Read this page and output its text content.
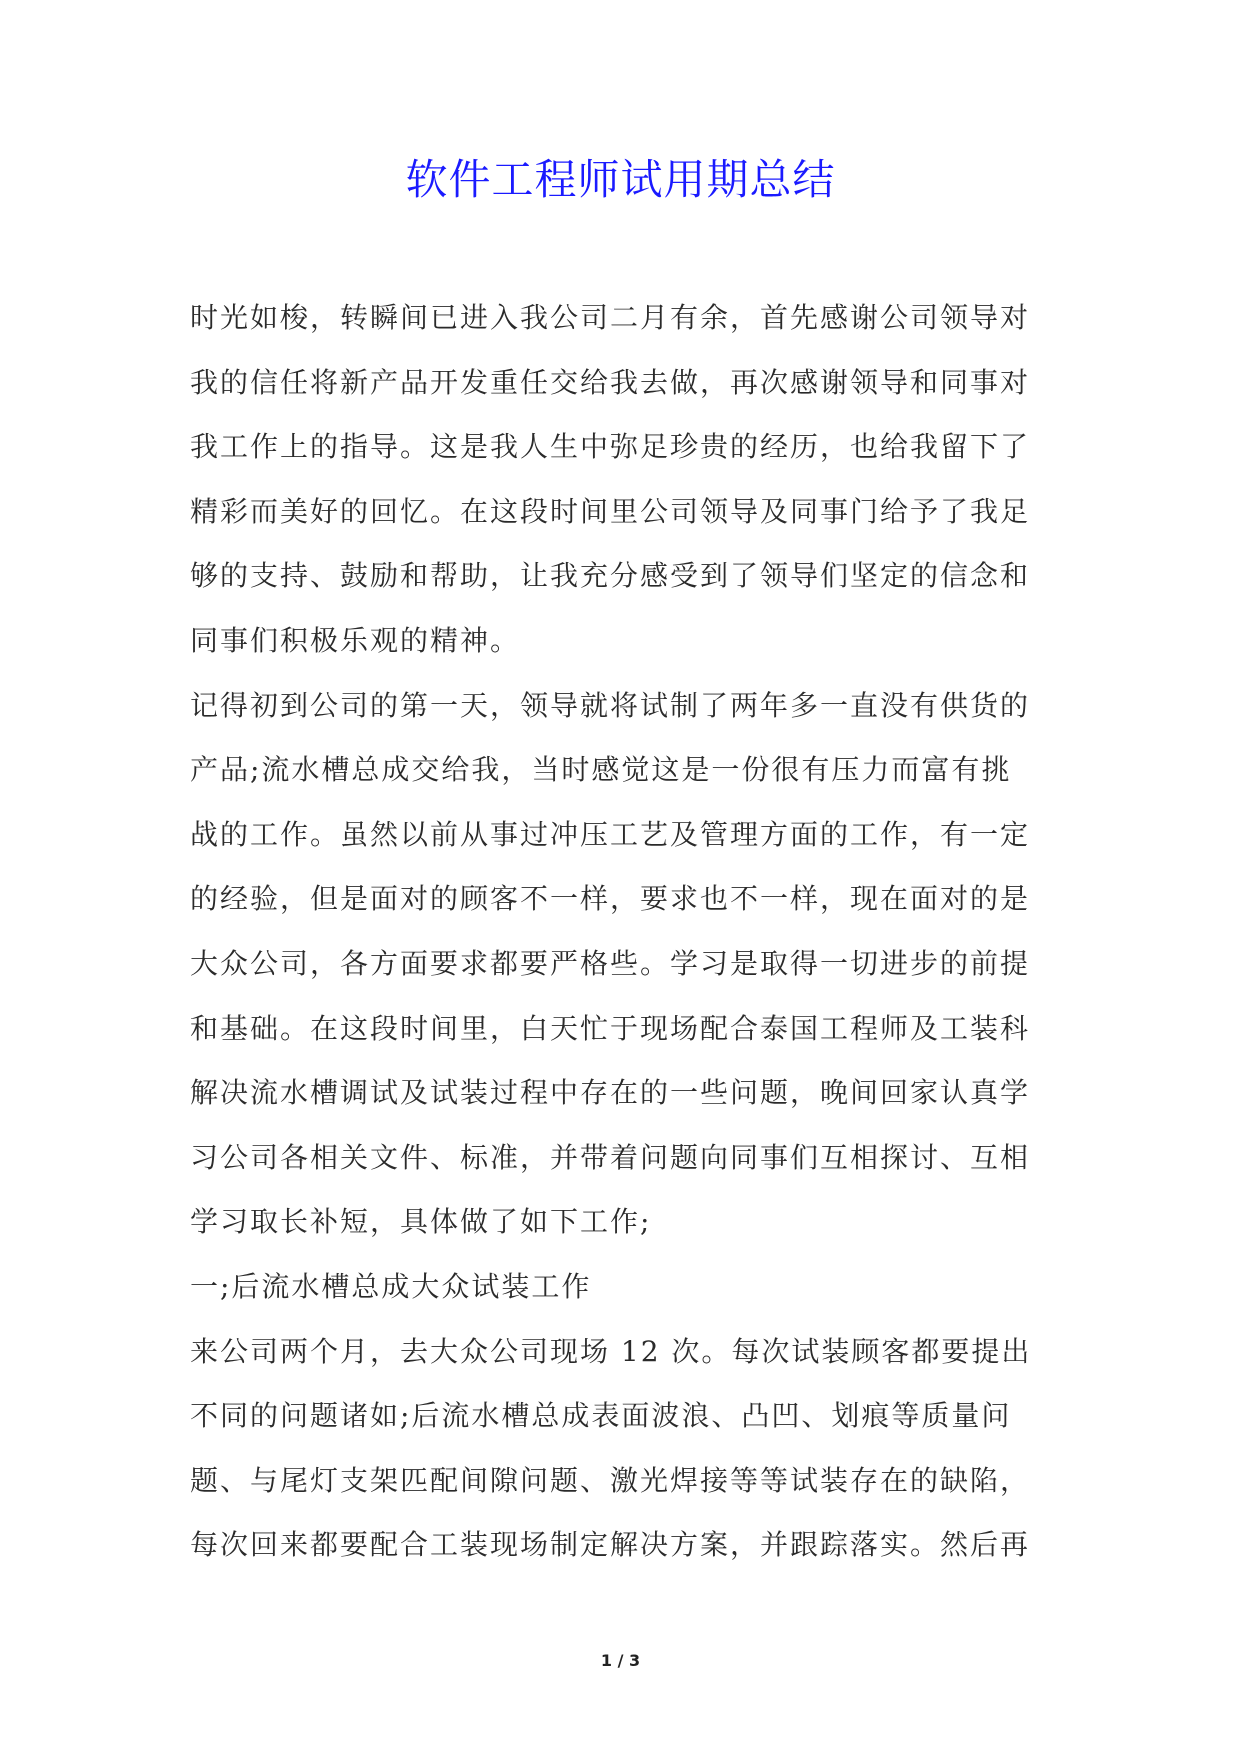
软件工程师试用期总结
时光如梭，转瞬间已进入我公司二月有余，首先感谢公司领导对
我的信任将新产品开发重任交给我去做，再次感谢领导和同事对
我工作上的指导。这是我人生中弥足珍贵的经历，也给我留下了
精彩而美好的回忆。在这段时间里公司领导及同事门给予了我足
够的支持、鼓励和帮助，让我充分感受到了领导们坚定的信念和
同事们积极乐观的精神。
记得初到公司的第一天，领导就将试制了两年多一直没有供货的
产品;流水槽总成交给我，当时感觉这是一份很有压力而富有挑
战的工作。虽然以前从事过冲压工艺及管理方面的工作，有一定
的经验，但是面对的顾客不一样，要求也不一样，现在面对的是
大众公司，各方面要求都要严格些。学习是取得一切进步的前提
和基础。在这段时间里，白天忙于现场配合泰国工程师及工装科
解决流水槽调试及试装过程中存在的一些问题，晚间回家认真学
习公司各相关文件、标准，并带着问题向同事们互相探讨、互相
学习取长补短，具体做了如下工作;
一;后流水槽总成大众试装工作
来公司两个月，去大众公司现场 12 次。每次试装顾客都要提出
不同的问题诸如;后流水槽总成表面波浪、凸凹、划痕等质量问
题、与尾灯支架匹配间隙问题、激光焊接等等试装存在的缺陷，
每次回来都要配合工装现场制定解决方案，并跟踪落实。然后再
1 / 3
